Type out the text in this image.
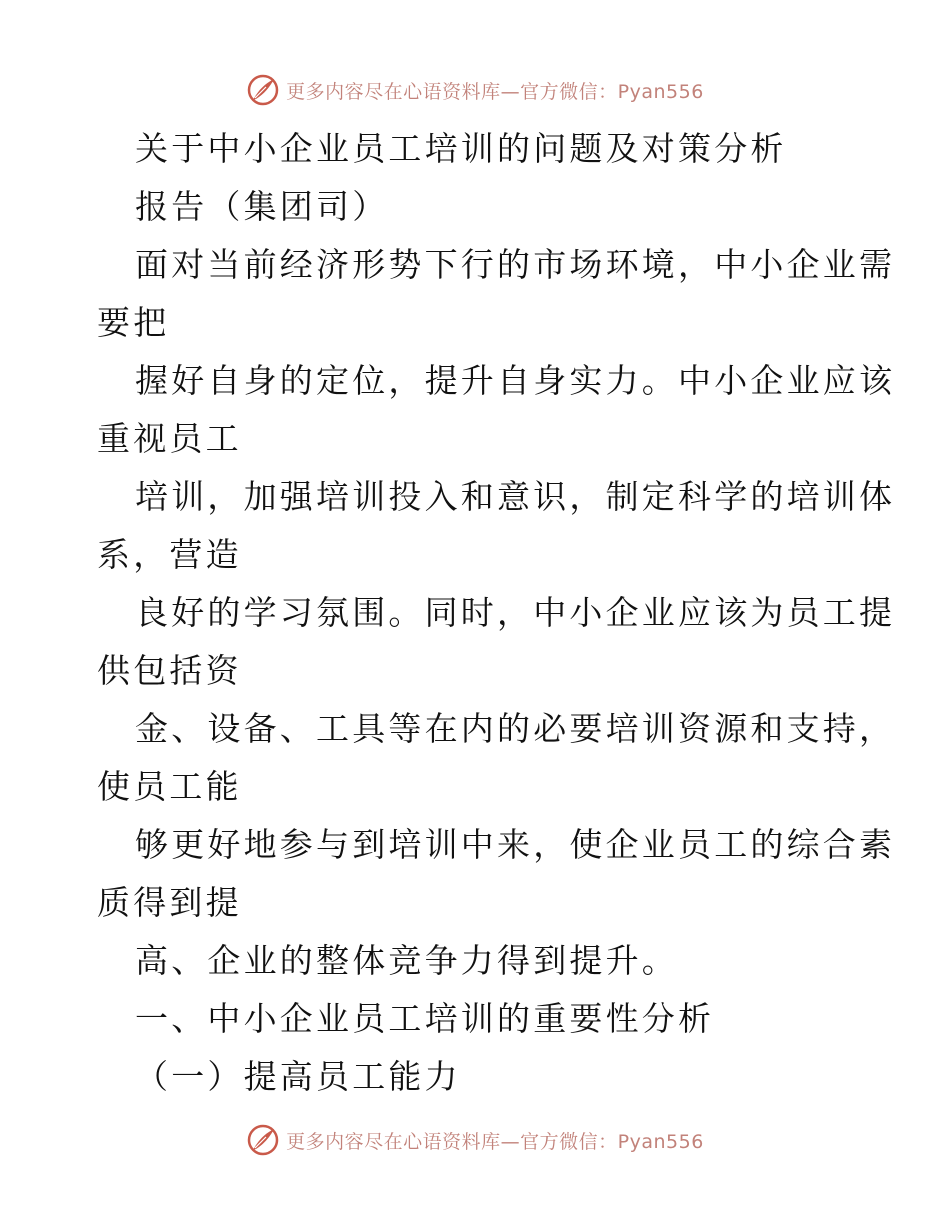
更多内容尽在心语资料库—官方微信：Pyan556
关于中小企业员工培训的问题及对策分析
报告（集团司）
面对当前经济形势下行的市场环境，中小企业需
要把
握好自身的定位，提升自身实力。中小企业应该
重视员工
培训，加强培训投入和意识，制定科学的培训体
系，营造
良好的学习氛围。同时，中小企业应该为员工提
供包括资
金、设备、工具等在内的必要培训资源和支持，
使员工能
够更好地参与到培训中来，使企业员工的综合素
质得到提
高、企业的整体竞争力得到提升。
一、中小企业员工培训的重要性分析
（一）提高员工能力
更多内容尽在心语资料库—官方微信：Pyan556
